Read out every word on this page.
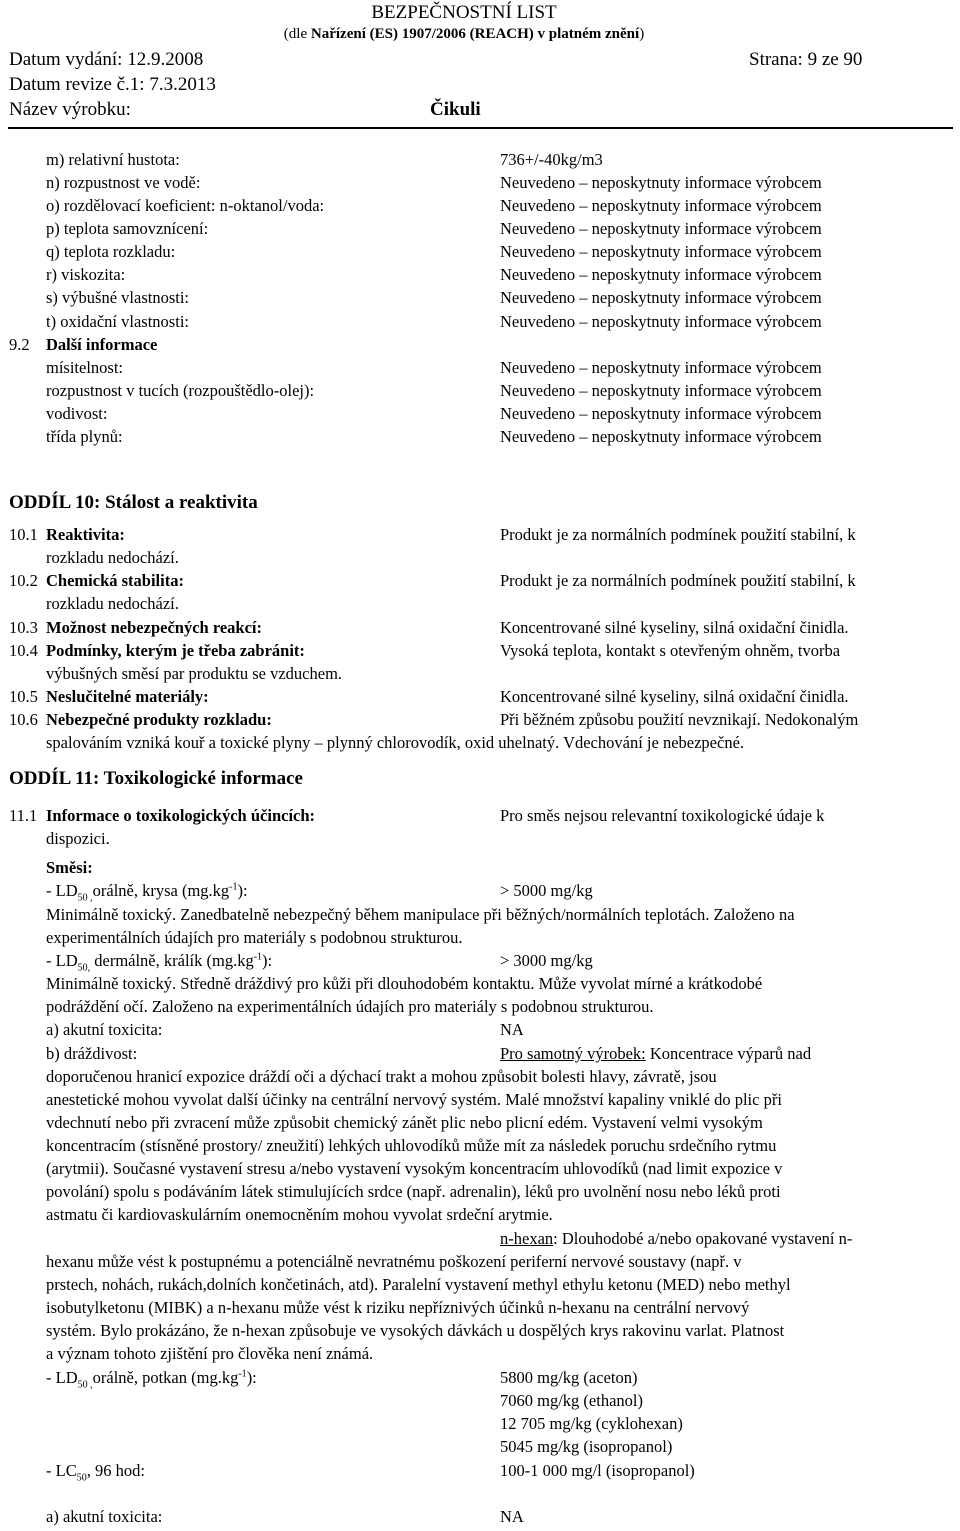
BEZPEČNOSTNÍ LIST
(dle Nařízení (ES) 1907/2006 (REACH) v platném znění)
Datum vydání: 12.9.2008	Strana: 9 ze 90
Datum revize č.1: 7.3.2013
Název výrobku:	Čikuli
m) relativní hustota:	736+/-40kg/m3
n) rozpustnost ve vodě:	Neuvedeno – neposkytnuty informace výrobcem
o) rozdělovací koeficient: n-oktanol/voda:	Neuvedeno – neposkytnuty informace výrobcem
p) teplota samovznícení:	Neuvedeno – neposkytnuty informace výrobcem
q) teplota rozkladu:	Neuvedeno – neposkytnuty informace výrobcem
r) viskozita:	Neuvedeno – neposkytnuty informace výrobcem
s) výbušné vlastnosti:	Neuvedeno – neposkytnuty informace výrobcem
t) oxidační vlastnosti:	Neuvedeno – neposkytnuty informace výrobcem
9.2 Další informace
mísitelnost:	Neuvedeno – neposkytnuty informace výrobcem
rozpustnost v tucích (rozpouštědlo-olej):	Neuvedeno – neposkytnuty informace výrobcem
vodivost:	Neuvedeno – neposkytnuty informace výrobcem
třída plynů:	Neuvedeno – neposkytnuty informace výrobcem
ODDÍL 10: Stálost a reaktivita
10.1 Reaktivita:	Produkt je za normálních podmínek použití stabilní, k
rozkladu nedochází.
10.2 Chemická stabilita:	Produkt je za normálních podmínek použití stabilní, k
rozkladu nedochází.
10.3 Možnost nebezpečných reakcí:	Koncentrované silné kyseliny, silná oxidační činidla.
10.4 Podmínky, kterým je třeba zabránit:	Vysoká teplota, kontakt s otevřeným ohněm, tvorba
výbušných směsí par produktu se vzduchem.
10.5 Neslučitelné materiály:	Koncentrované silné kyseliny, silná oxidační činidla.
10.6 Nebezpečné produkty rozkladu:	Při běžném způsobu použití nevznikají. Nedokonalým
spalováním vzniká kouř a toxické plyny – plynný chlorovodík, oxid uhelnatý. Vdechování je nebezpečné.
ODDÍL 11: Toxikologické informace
11.1 Informace o toxikologických účincích:	Pro směs nejsou relevantní toxikologické údaje k
dispozici.
Směsi:
- $LD_{50 ,}orá\ln ě$, krysa $(mg.kg^{-1})$:	> 5000 mg/kg
Minimálně toxický. Zanedbatelně nebezpečný během manipulace při běžných/normálních teplotách. Založeno na
experimentálních údajích pro materiály s podobnou strukturou.
- $LD_{50,}$ dermálně, králík $(mg.kg^{-1})$:	> 3000 mg/kg
Minimálně toxický. Středně dráždivý pro kůži při dlouhodobém kontaktu. Může vyvolat mírné a krátkodobé
podráždění očí. Založeno na experimentálních údajích pro materiály s podobnou strukturou.
a) akutní toxicita:	NA
b) dráždivost:	Pro samotný výrobek: Koncentrace výparů nad
doporučenou hranicí expozice dráždí oči a dýchací trakt a mohou způsobit bolesti hlavy, závratě, jsou
anestetické mohou vyvolat další účinky na centrální nervový systém. Malé množství kapaliny vniklé do plic při
vdechnutí nebo při zvracení může způsobit chemický zánět plic nebo plicní edém. Vystavení velmi vysokým
koncentracím (stísněné prostory/ zneužití) lehkých uhlovodíků může mít za následek poruchu srdečního rytmu
(arytmii). Současné vystavení stresu a/nebo vystavení vysokým koncentracím uhlovodíků (nad limit expozice v
povolání) spolu s podáváním látek stimulujících srdce (např. adrenalin), léků pro uvolnění nosu nebo léků proti
astmatu či kardiovaskulárním onemocněním mohou vyvolat srdeční arytmie.
n-hexan: Dlouhodobé a/nebo opakované vystavení n-
hexanu může vést k postupnému a potenciálně nevratnému poškození periferní nervové soustavy (např. v
prstech, nohách, rukách,dolních končetinách, atd). Paralelní vystavení methyl ethylu ketonu (MED) nebo methyl
isobutylketonu (MIBK) a n-hexanu může vést k riziku nepříznivých účinků n-hexanu na centrální nervový
systém. Bylo prokázáno, že n-hexan způsobuje ve vysokých dávkách u dospělých krys rakovinu varlat. Platnost
a význam tohoto zjištění pro člověka není známá.
- $LD_{50 ,}orá\ln ě$, potkan $(mg.kg^{-1})$:	5800 mg/kg (aceton)
7060 mg/kg (ethanol)
12 705 mg/kg (cyklohexan)
5045 mg/kg (isopropanol)
- $LC_{50}$, 96 hod:	100-1 000 mg/l (isopropanol)
a) akutní toxicita:	NA
